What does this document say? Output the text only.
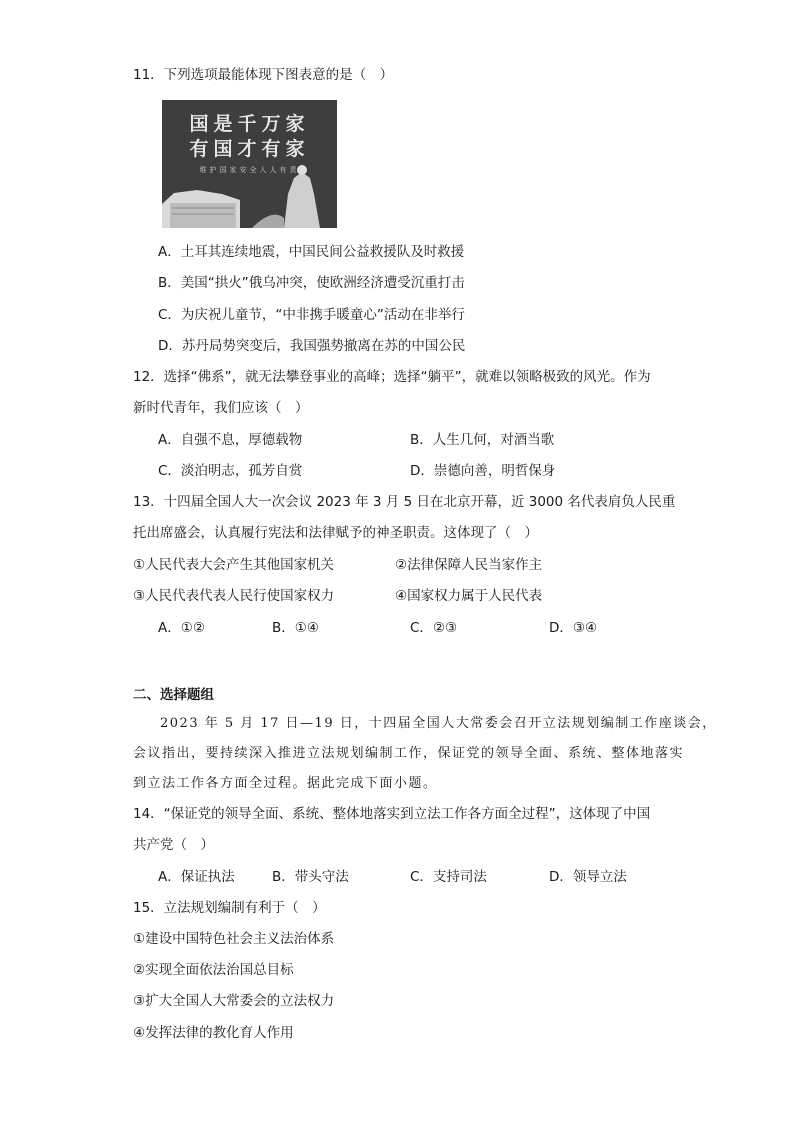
11．下列选项最能体现下图表意的是（　）
国是千万家
有国才有家
维护国家安全人人有责
A．土耳其连续地震，中国民间公益救援队及时救援
B．美国“拱火”俄乌冲突，使欧洲经济遭受沉重打击
C．为庆祝儿童节，“中非携手暖童心”活动在非举行
D．苏丹局势突变后，我国强势撤离在苏的中国公民
12．选择“佛系”，就无法攀登事业的高峰；选择“躺平”，就难以领略极致的风光。作为
新时代青年，我们应该（　）
A．自强不息，厚德载物	B．人生几何，对酒当歌
C．淡泊明志，孤芳自赏	D．崇德向善，明哲保身
13．十四届全国人大一次会议 2023 年 3 月 5 日在北京开幕，近 3000 名代表肩负人民重
托出席盛会，认真履行宪法和法律赋予的神圣职责。这体现了（　）
①人民代表大会产生其他国家机关	②法律保障人民当家作主
③人民代表代表人民行使国家权力	④国家权力属于人民代表
A．①②	B．①④	C．②③	D．③④
二、选择题组
2023 年 5 月 17 日—19 日，十四届全国人大常委会召开立法规划编制工作座谈会，
会议指出，要持续深入推进立法规划编制工作，保证党的领导全面、系统、整体地落实
到立法工作各方面全过程。据此完成下面小题。
14．“保证党的领导全面、系统、整体地落实到立法工作各方面全过程”，这体现了中国
共产党（　）
A．保证执法	B．带头守法	C．支持司法	D．领导立法
15．立法规划编制有利于（　）
①建设中国特色社会主义法治体系
②实现全面依法治国总目标
③扩大全国人大常委会的立法权力
④发挥法律的教化育人作用
